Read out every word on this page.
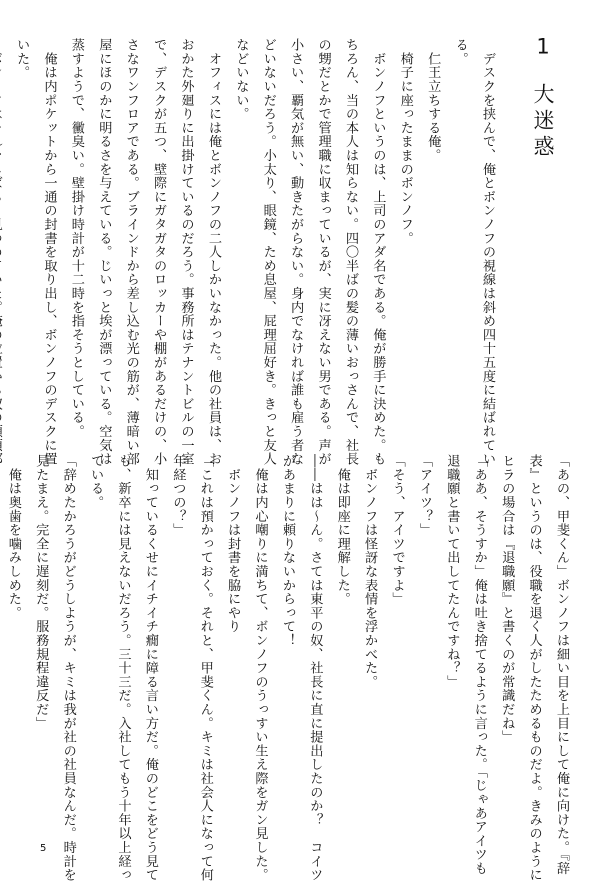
1　大迷惑
　デスクを挟んで、俺とボンノフの視線は斜め四十五度に結ばれてい
る。
　仁王立ちする俺。
　椅子に座ったままのボンノフ。
　ボンノフというのは、上司のアダ名である。俺が勝手に決めた。も
ちろん、当の本人は知らない。四〇半ばの髪の薄いおっさんで、社長
の甥だとかで管理職に収まっているが、実に冴えない男である。声が
小さい、覇気が無い、動きたがらない。身内でなければ誰も雇う者な
どいないだろう。小太り、眼鏡、ため息屋、屁理屈好き。きっと友人
などいない。
　オフィスには俺とボンノフの二人しかいなかった。他の社員は、お
おかた外廻りに出掛けているのだろう。事務所はテナントビルの一室
で、デスクが五つ、壁際にガタガタのロッカーや棚があるだけの、小
さなワンフロアである。ブラインドから差し込む光の筋が、薄暗い部
屋にほのかに明るさを与えている。じいっと埃が漂っている。空気は
蒸すようで、黴臭い。壁掛け時計が十二時を指そうとしている。
　俺は内ポケットから一通の封書を取り出し、ボンノフのデスクに置
いた。
「あの、甲斐くん」ボンノフは細い目を上目にして俺に向けた。『辞
表』というのは、役職を退く人がしたためるものだよ。きみのように
ヒラの場合は『退職願』と書くのが常識だね」
「ああ、そうすか」俺は吐き捨てるように言った。「じゃあアイツも
退職願と書いて出してたんですね？」
「アイツ？」
「そう、アイツですよ」
　ボンノフは怪訝な表情を浮かべた。
　俺は即座に理解した。
――はは〜ん。さては東平の奴、社長に直に提出したのか？　コイツ
があまりに頼りないからって！
　俺は内心嘲りに満ちて、ボンノフのうっすい生え際をガン見した。
　ボンノフは封書を脇にやり
「これは預かっておく。それと、甲斐くん。キミは社会人になって何
年経つの？」
　知っているくせにイチイチ癇に障る言い方だ。俺のどこをどう見て
も、新卒には見えないだろう。三十三だ。入社してもう十年以上経っ
ている。
「辞めたかろうがどうしようが、キミは我が社の社員なんだ。時計を
見たまえ。完全に遅刻だ。服務規程違反だ」
　俺は奥歯を噛みしめた。
5
